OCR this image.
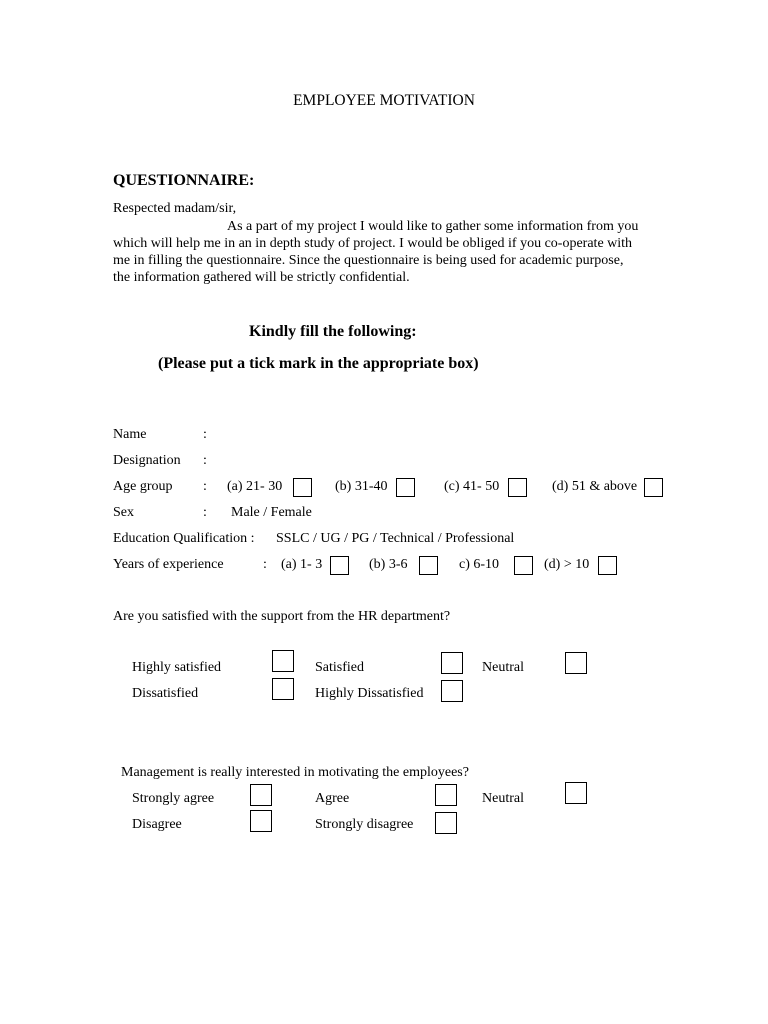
EMPLOYEE MOTIVATION
QUESTIONNAIRE:
Respected madam/sir,
As a part of my project I would like to gather some information from you
which will help me in an in depth study of project. I would be obliged if you co-operate with
me in filling the questionnaire. Since the questionnaire is being used for academic purpose,
the information gathered will be strictly confidential.
Kindly fill the following:
(Please put a tick mark in the appropriate box)
Name	:
Designation :
Age group : (a) 21- 30	(b) 31-40	(c) 41- 50	(d) 51 & above
Sex	: Male / Female
Education Qualification : SSLC / UG / PG / Technical / Professional
Years of experience	: (a) 1- 3	(b) 3-6	c) 6-10	(d) > 10
Are you satisfied with the support from the HR department?
Highly satisfied	Satisfied	Neutral
Dissatisfied	Highly Dissatisfied
Management is really interested in motivating the employees?
Strongly agree	Agree	Neutral
Disagree	Strongly disagree
